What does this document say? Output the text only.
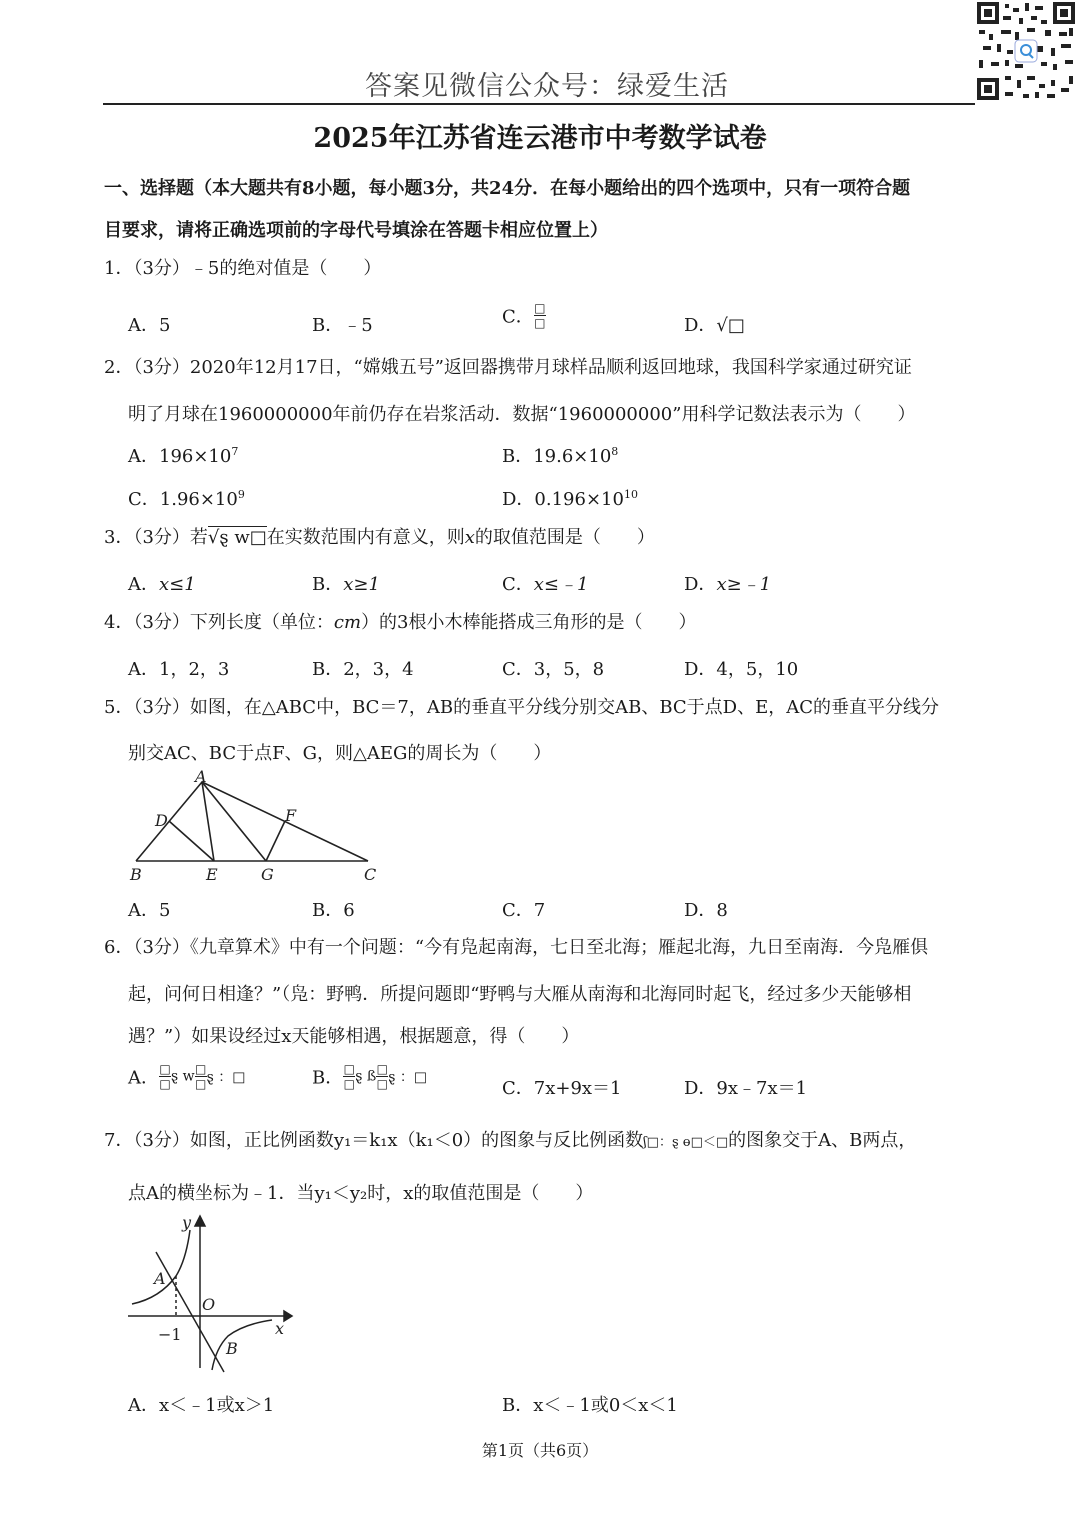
答案见微信公众号：绿爱生活
2025年江苏省连云港市中考数学试卷
一、选择题（本大题共有8小题，每小题3分，共24分．在每小题给出的四个选项中，只有一项符合题
目要求，请将正确选项前的字母代号填涂在答题卡相应位置上）
1．（3分）﹣5的绝对值是（　　）
A．5	B．﹣5	C． $\frac{□}{□}$	D．√□
2．（3分）2020年12月17日，“嫦娥五号”返回器携带月球样品顺利返回地球，我国科学家通过研究证
明了月球在1960000000年前仍存在岩浆活动．数据“1960000000”用科学记数法表示为（　　）
A．$196\times 10^7$	B．$19.6\times 10^8$
C．$1.96\times 10^9$	D．$0.196\times 10^{10}$
3．（3分）若√ȿ w□在实数范围内有意义，则x的取值范围是（　　）
A．x≤1	B．x≥1	C．x≤﹣1	D．x≥﹣1
4．（3分）下列长度（单位：cm）的3根小木棒能搭成三角形的是（　　）
A．1，2，3	B．2，3，4	C．3，5，8	D．4，5，10
5．（3分）如图，在△ABC中，BC＝7，AB的垂直平分线分别交AB、BC于点D、E，AC的垂直平分线分
别交AC、BC于点F、G，则△AEG的周长为（　　）
A
B	C
D
E
F
G
A．5	B．6	C．7	D．8
6．（3分）《九章算术》中有一个问题：“今有凫起南海，七日至北海；雁起北海，九日至南海．今凫雁俱
起，问何日相逢？”（凫：野鸭．所提问题即“野鸭与大雁从南海和北海同时起飞，经过多少天能够相
遇？”）如果设经过x天能够相遇，根据题意，得（　　）
A． $\frac{□}{□}$ ȿ w $\frac{□}{□}$ ȿ ：□	B． $\frac{□}{□}$ ȿ ß $\frac{□}{□}$ ȿ ：□
C．7x+9x＝1	D．9x﹣7x＝1
7．（3分）如图，正比例函数y₁＝k₁x（k₁＜0）的图象与反比例函数ʃ□：ȿ ɵ□＜□的图象交于A、B两点，
点A的横坐标为﹣1．当y₁＜y₂时，x的取值范围是（　　）
y
x
O
A
B
−1
A．x＜﹣1或x＞1	B．x＜﹣1或0＜x＜1
第1页（共6页）
